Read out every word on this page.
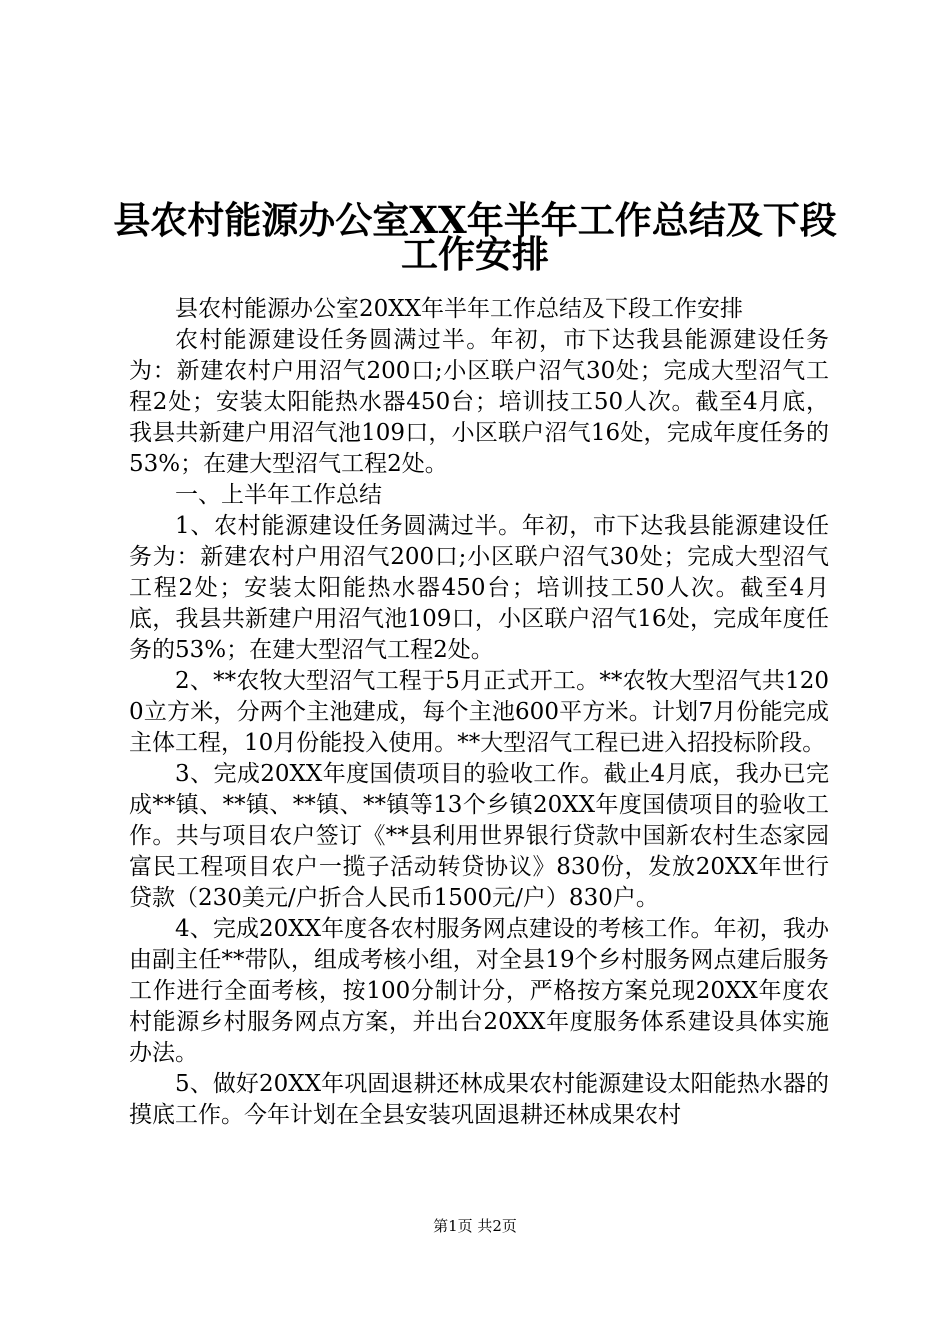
县农村能源办公室XX年半年工作总结及下段
工作安排

县农村能源办公室20XX年半年工作总结及下段工作安排

农村能源建设任务圆满过半。年初，市下达我县能源建设任务为：新建农村户用沼气200口;小区联户沼气30处；完成大型沼气工程2处；安装太阳能热水器450台；培训技工50人次。截至4月底，我县共新建户用沼气池109口，小区联户沼气16处，完成年度任务的53%；在建大型沼气工程2处。

一、上半年工作总结

1、农村能源建设任务圆满过半。年初，市下达我县能源建设任务为：新建农村户用沼气200口;小区联户沼气30处；完成大型沼气工程2处；安装太阳能热水器450台；培训技工50人次。截至4月底，我县共新建户用沼气池109口，小区联户沼气16处，完成年度任务的53%；在建大型沼气工程2处。

2、**农牧大型沼气工程于5月正式开工。**农牧大型沼气共1200立方米，分两个主池建成，每个主池600平方米。计划7月份能完成主体工程，10月份能投入使用。**大型沼气工程已进入招投标阶段。

3、完成20XX年度国债项目的验收工作。截止4月底，我办已完成**镇、**镇、**镇、**镇等13个乡镇20XX年度国债项目的验收工作。共与项目农户签订《**县利用世界银行贷款中国新农村生态家园富民工程项目农户一揽子活动转贷协议》830份，发放20XX年世行贷款（230美元/户折合人民币1500元/户）830户。

4、完成20XX年度各农村服务网点建设的考核工作。年初，我办由副主任**带队，组成考核小组，对全县19个乡村服务网点建后服务工作进行全面考核，按100分制计分，严格按方案兑现20XX年度农村能源乡村服务网点方案，并出台20XX年度服务体系建设具体实施办法。

5、做好20XX年巩固退耕还林成果农村能源建设太阳能热水器的摸底工作。今年计划在全县安装巩固退耕还林成果农村

第1页 共2页
